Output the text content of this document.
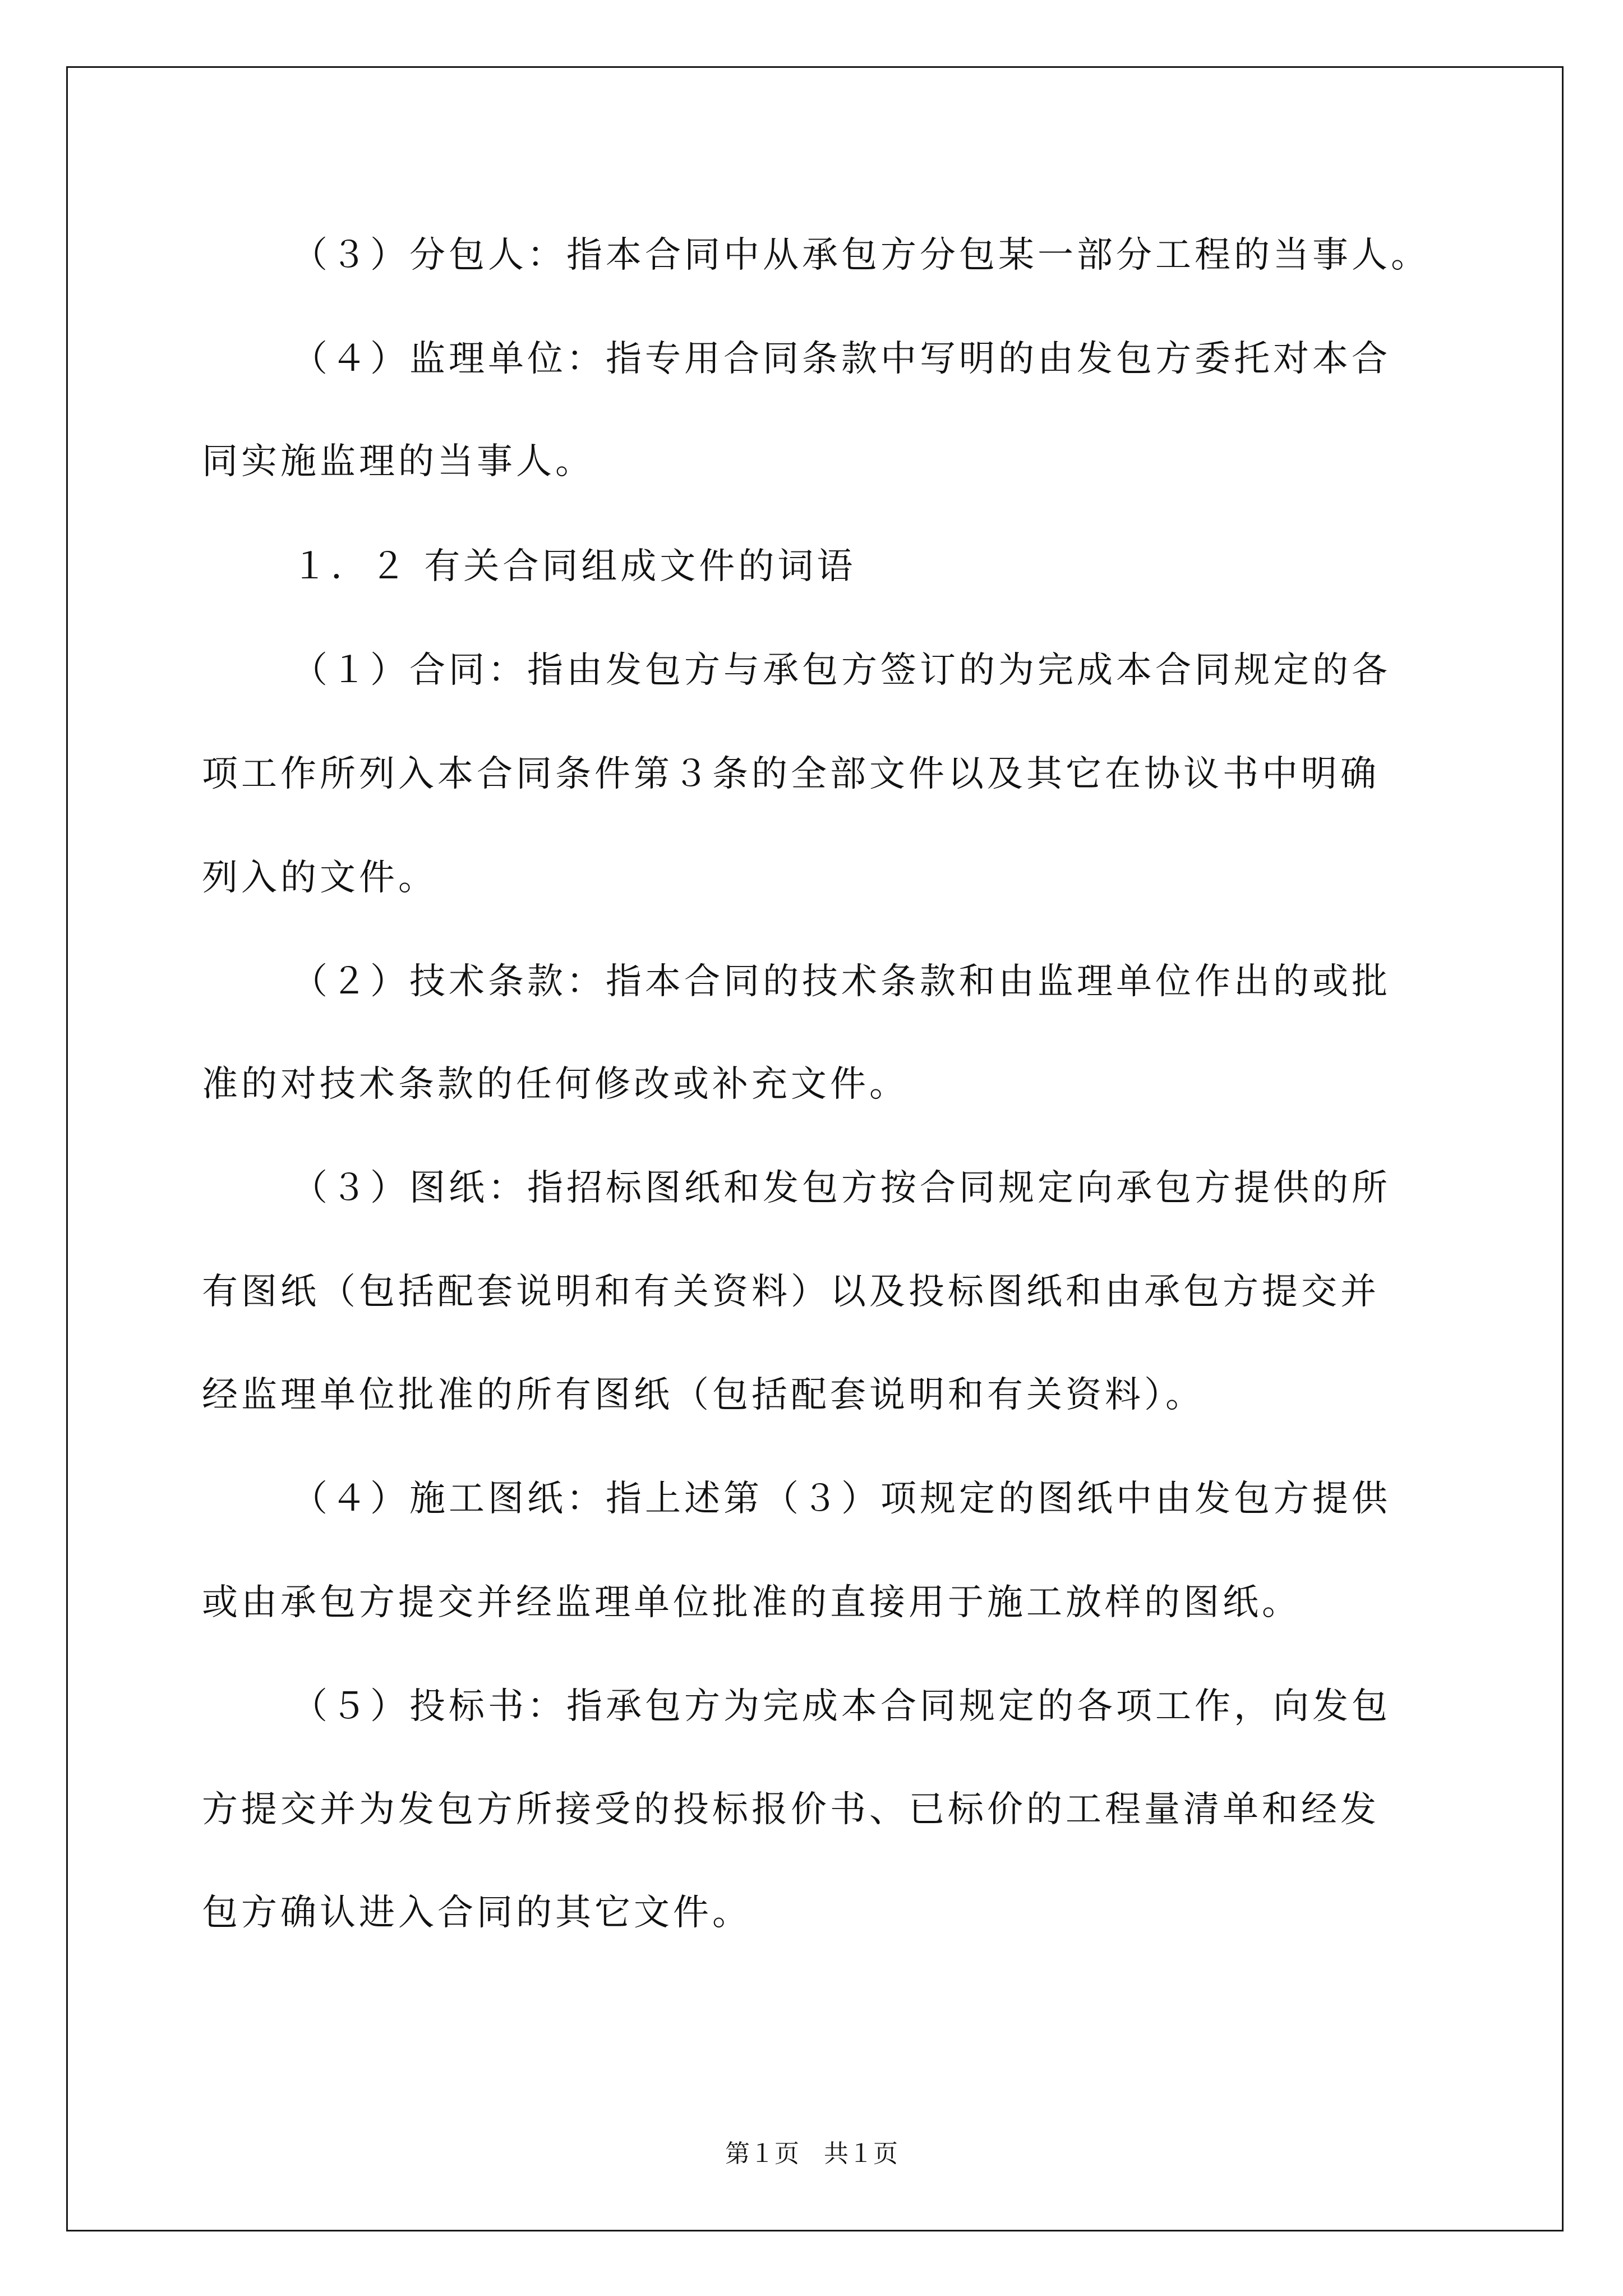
（３）分包人：指本合同中从承包方分包某一部分工程的当事人。
（４）监理单位：指专用合同条款中写明的由发包方委托对本合
同实施监理的当事人。
１．２ 有关合同组成文件的词语
（１）合同：指由发包方与承包方签订的为完成本合同规定的各
项工作所列入本合同条件第３条的全部文件以及其它在协议书中明确
列入的文件。
（２）技术条款：指本合同的技术条款和由监理单位作出的或批
准的对技术条款的任何修改或补充文件。
（３）图纸：指招标图纸和发包方按合同规定向承包方提供的所
有图纸（包括配套说明和有关资料）以及投标图纸和由承包方提交并
经监理单位批准的所有图纸（包括配套说明和有关资料）。
（４）施工图纸：指上述第（３）项规定的图纸中由发包方提供
或由承包方提交并经监理单位批准的直接用于施工放样的图纸。
（５）投标书：指承包方为完成本合同规定的各项工作，向发包
方提交并为发包方所接受的投标报价书、已标价的工程量清单和经发
包方确认进入合同的其它文件。
第１页　共１页
